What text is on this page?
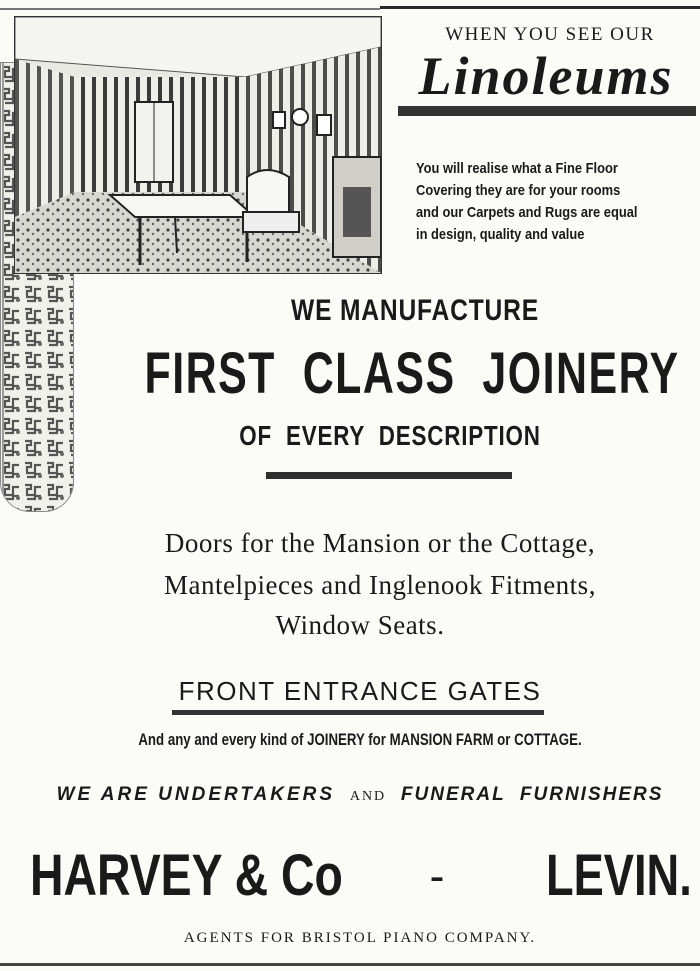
WHEN YOU SEE OUR
Linoleums
You will realise what a Fine Floor
Covering they are for your rooms
and our Carpets and Rugs are equal
in design, quality and value
WE MANUFACTURE
FIRST  CLASS  JOINERY
OF  EVERY  DESCRIPTION
Doors for the Mansion or the Cottage,
Mantelpieces and Inglenook Fitments,
Window Seats.
FRONT ENTRANCE GATES
And any and every kind of JOINERY for MANSION FARM or COTTAGE.
WE ARE UNDERTAKERS AND FUNERAL  FURNISHERS
HARVEY & Co - LEVIN.
AGENTS FOR BRISTOL PIANO COMPANY.
